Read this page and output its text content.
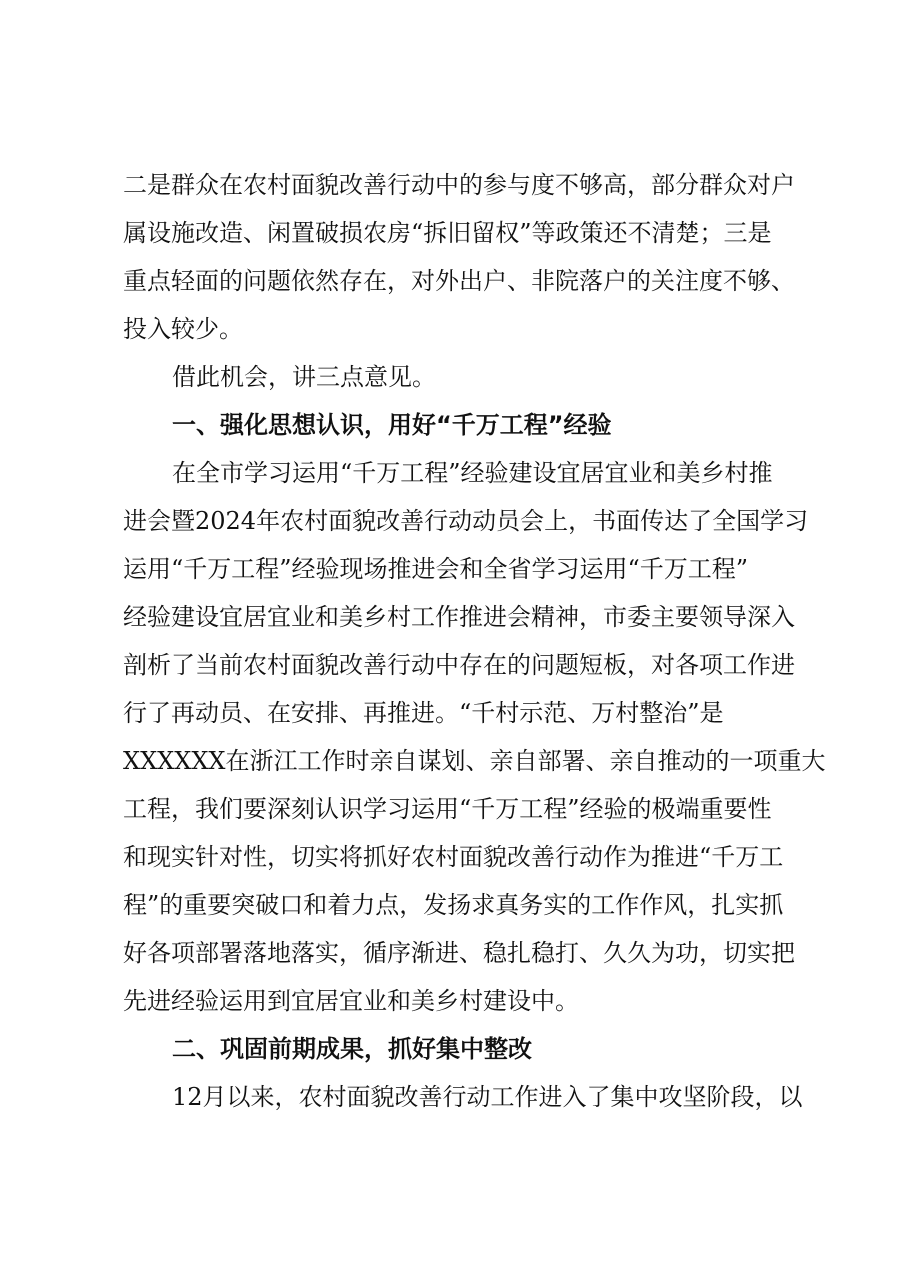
二是群众在农村面貌改善行动中的参与度不够高，部分群众对户

属设施改造、闲置破损农房“拆旧留权”等政策还不清楚；三是

重点轻面的问题依然存在，对外出户、非院落户的关注度不够、

投入较少。

借此机会，讲三点意见。

一、强化思想认识，用好“千万工程”经验

在全市学习运用“千万工程”经验建设宜居宜业和美乡村推

进会暨2024年农村面貌改善行动动员会上，书面传达了全国学习

运用“千万工程”经验现场推进会和全省学习运用“千万工程”

经验建设宜居宜业和美乡村工作推进会精神，市委主要领导深入

剖析了当前农村面貌改善行动中存在的问题短板，对各项工作进

行了再动员、在安排、再推进。“千村示范、万村整治”是

XXXXXX在浙江工作时亲自谋划、亲自部署、亲自推动的一项重大

工程，我们要深刻认识学习运用“千万工程”经验的极端重要性

和现实针对性，切实将抓好农村面貌改善行动作为推进“千万工

程”的重要突破口和着力点，发扬求真务实的工作作风，扎实抓

好各项部署落地落实，循序渐进、稳扎稳打、久久为功，切实把

先进经验运用到宜居宜业和美乡村建设中。

二、巩固前期成果，抓好集中整改

12月以来，农村面貌改善行动工作进入了集中攻坚阶段，以
